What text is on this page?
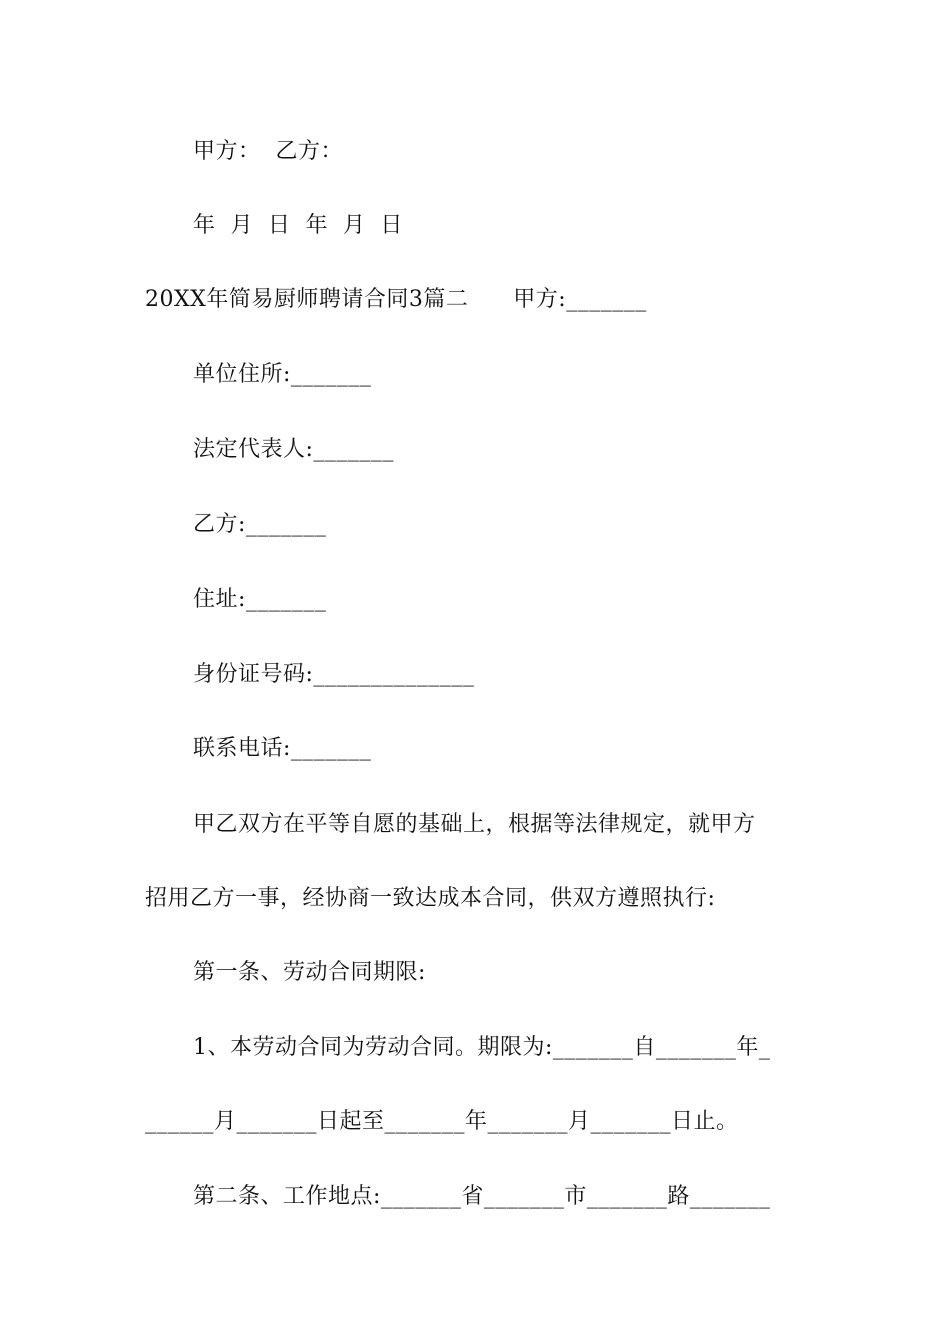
甲方：  乙方：
年  月  日  年  月  日
20XX年简易厨师聘请合同3篇二      甲方:_______
单位住所:_______
法定代表人:_______
乙方:_______
住址:_______
身份证号码:______________
联系电话:_______
甲乙双方在平等自愿的基础上，根据等法律规定，就甲方
招用乙方一事，经协商一致达成本合同，供双方遵照执行:
第一条、劳动合同期限:
1、本劳动合同为劳动合同。期限为:_______自_______年_
______月_______日起至_______年_______月_______日止。
第二条、工作地点:_______省_______市_______路_______
